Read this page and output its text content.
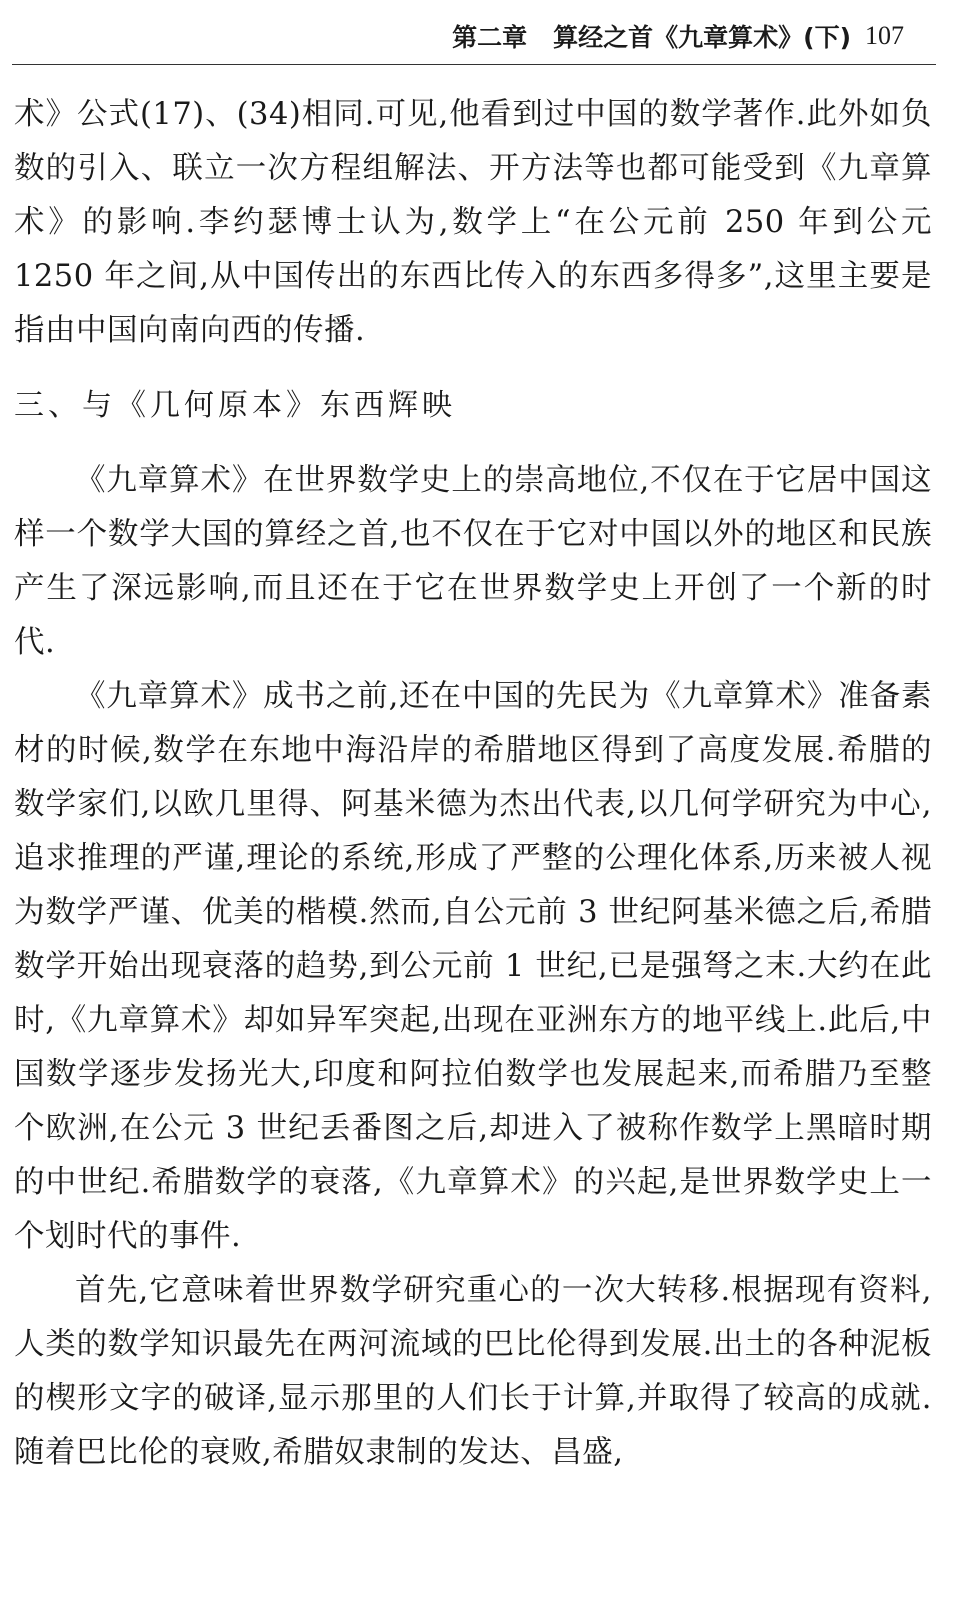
第二章 算经之首《九章算术》(下) 107

术》公式(17)、(34)相同.可见,他看到过中国的数学著作.此外如负数的引入、联立一次方程组解法、开方法等也都可能受到《九章算术》的影响.李约瑟博士认为,数学上“在公元前 250 年到公元 1250 年之间,从中国传出的东西比传入的东西多得多”,这里主要是指由中国向南向西的传播.

三、与《几何原本》东西辉映

《九章算术》在世界数学史上的崇高地位,不仅在于它居中国这样一个数学大国的算经之首,也不仅在于它对中国以外的地区和民族产生了深远影响,而且还在于它在世界数学史上开创了一个新的时代.

《九章算术》成书之前,还在中国的先民为《九章算术》准备素材的时候,数学在东地中海沿岸的希腊地区得到了高度发展.希腊的数学家们,以欧几里得、阿基米德为杰出代表,以几何学研究为中心,追求推理的严谨,理论的系统,形成了严整的公理化体系,历来被人视为数学严谨、优美的楷模.然而,自公元前 3 世纪阿基米德之后,希腊数学开始出现衰落的趋势,到公元前 1 世纪,已是强弩之末.大约在此时,《九章算术》却如异军突起,出现在亚洲东方的地平线上.此后,中国数学逐步发扬光大,印度和阿拉伯数学也发展起来,而希腊乃至整个欧洲,在公元 3 世纪丢番图之后,却进入了被称作数学上黑暗时期的中世纪.希腊数学的衰落,《九章算术》的兴起,是世界数学史上一个划时代的事件.

首先,它意味着世界数学研究重心的一次大转移.根据现有资料,人类的数学知识最先在两河流域的巴比伦得到发展.出土的各种泥板的楔形文字的破译,显示那里的人们长于计算,并取得了较高的成就.随着巴比伦的衰败,希腊奴隶制的发达、昌盛,
